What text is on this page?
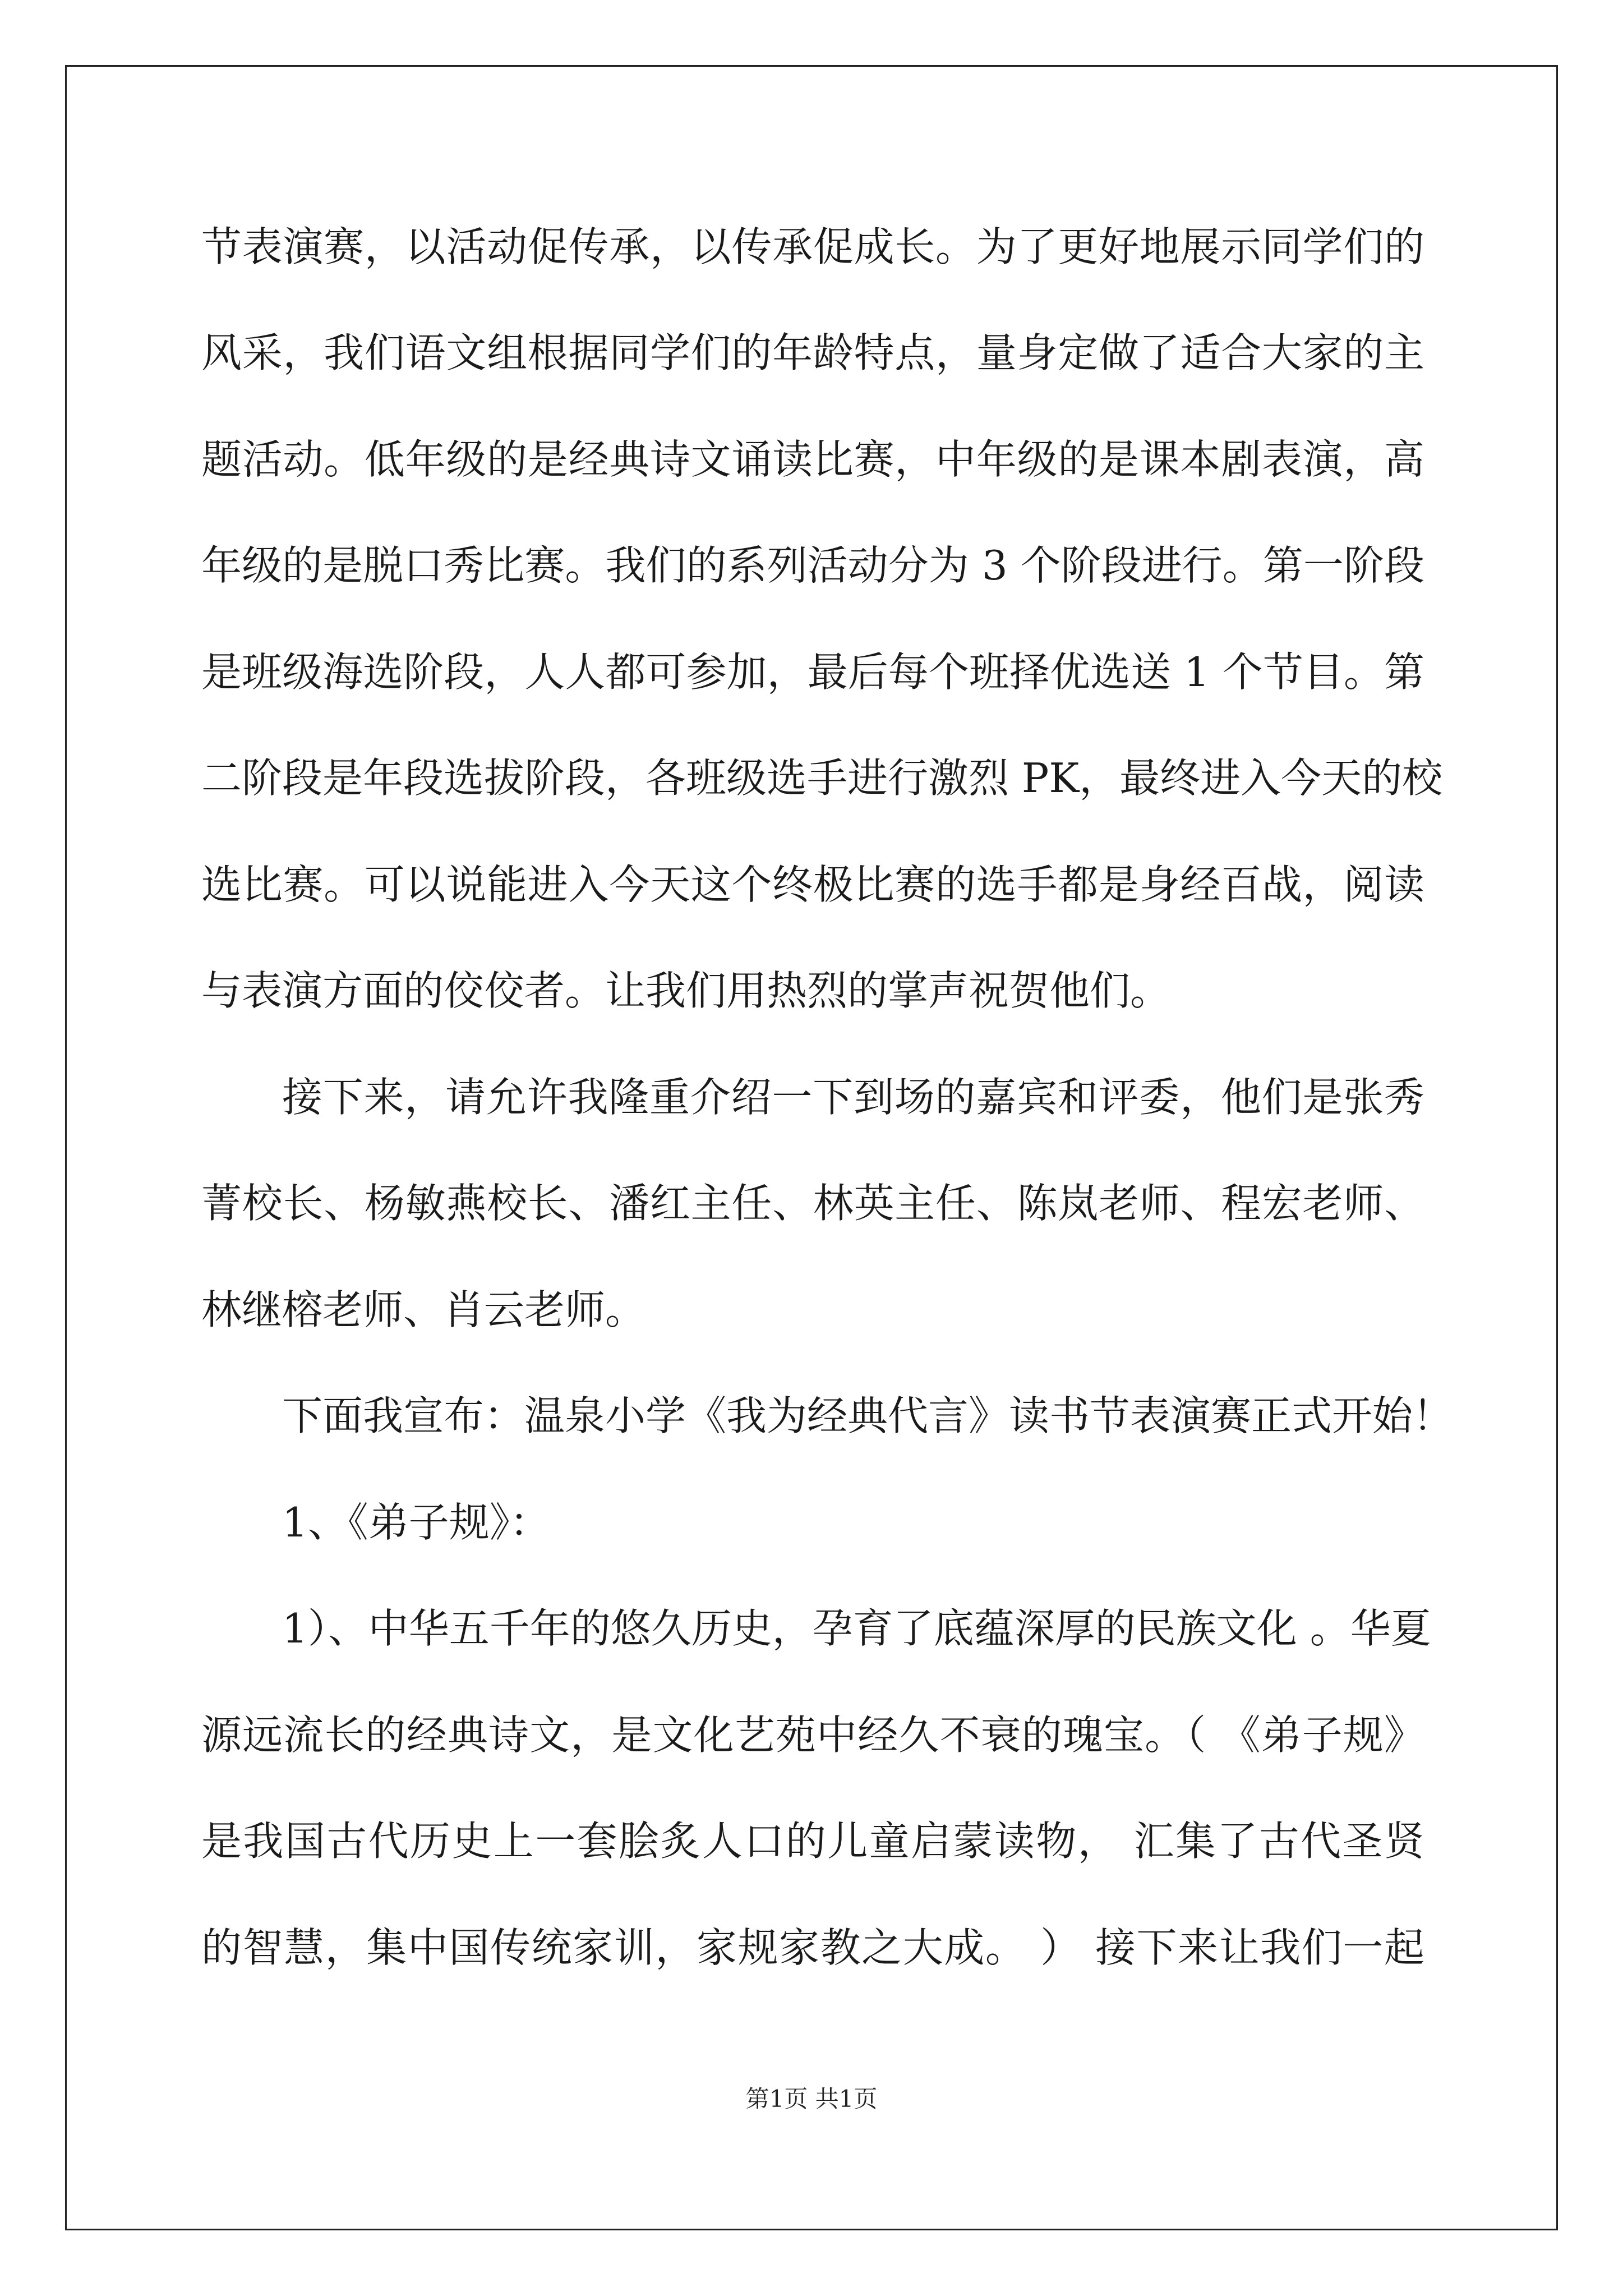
节表演赛，以活动促传承，以传承促成长。为了更好地展示同学们的
风采，我们语文组根据同学们的年龄特点，量身定做了适合大家的主
题活动。低年级的是经典诗文诵读比赛，中年级的是课本剧表演，高
年级的是脱口秀比赛。我们的系列活动分为 3 个阶段进行。第一阶段
是班级海选阶段，人人都可参加，最后每个班择优选送 1 个节目。第
二阶段是年段选拔阶段，各班级选手进行激烈 PK，最终进入今天的校
选比赛。可以说能进入今天这个终极比赛的选手都是身经百战，阅读
与表演方面的佼佼者。让我们用热烈的掌声祝贺他们。
接下来，请允许我隆重介绍一下到场的嘉宾和评委，他们是张秀
菁校长、杨敏燕校长、潘红主任、林英主任、陈岚老师、程宏老师、
林继榕老师、肖云老师。
下面我宣布：温泉小学《我为经典代言》读书节表演赛正式开始！
1、《弟子规》：
1）、中华五千年的悠久历史，孕育了底蕴深厚的民族文化 。华夏
源远流长的经典诗文，是文化艺苑中经久不衰的瑰宝。（ 《弟子规》
是我国古代历史上一套脍炙人口的儿童启蒙读物， 汇集了古代圣贤
的智慧，集中国传统家训，家规家教之大成。 ） 接下来让我们一起
第1页 共1页
